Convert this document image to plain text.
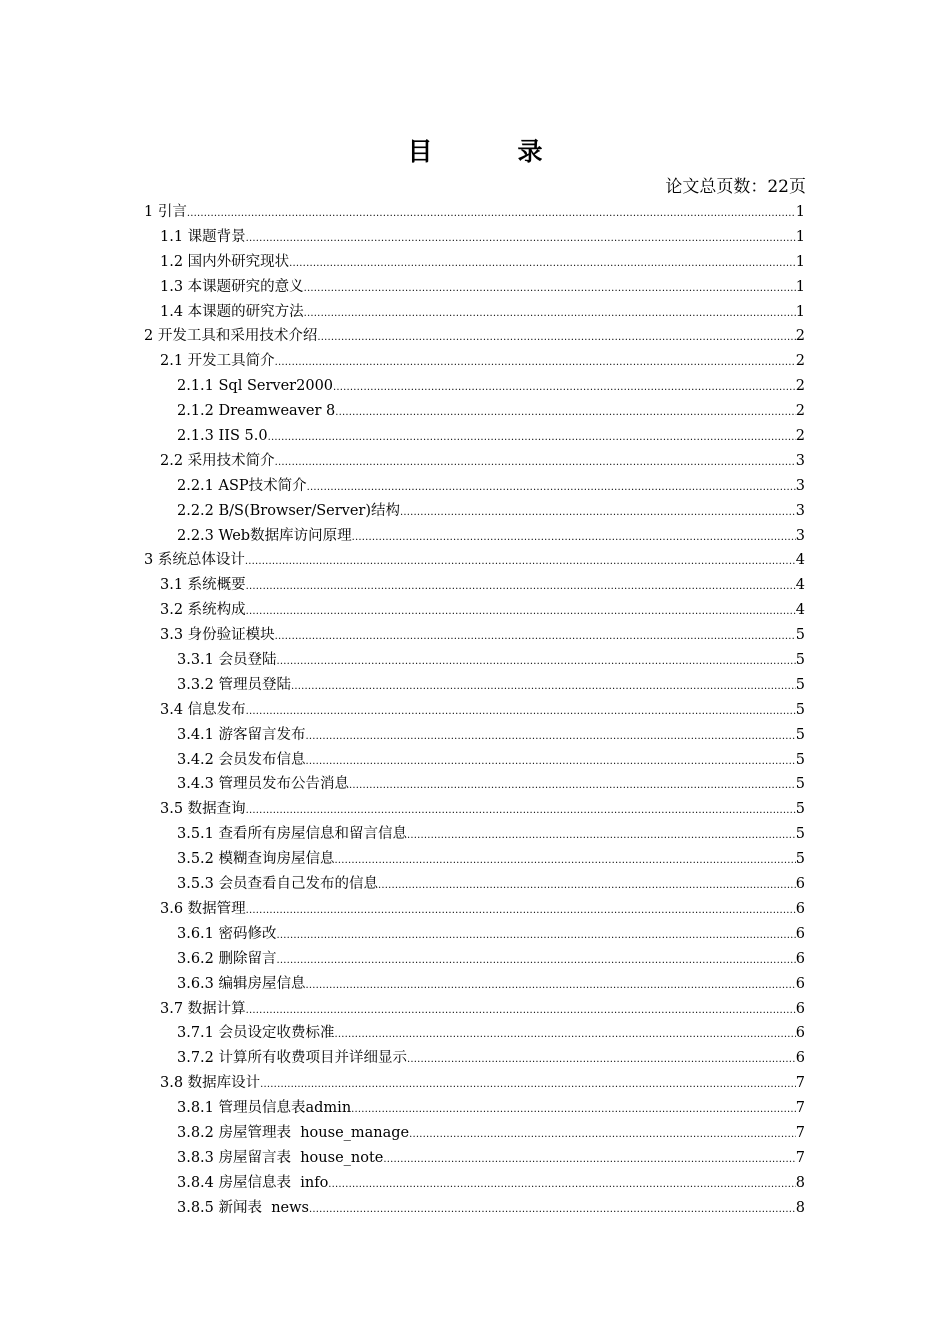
目　录
论文总页数：22页
1 引言 .....	1
1.1 课题背景 .....	1
1.2 国内外研究现状 .....	1
1.3 本课题研究的意义 .....	1
1.4 本课题的研究方法 .....	1
2 开发工具和采用技术介绍 .....	2
2.1 开发工具简介 .....	2
2.1.1 Sql Server2000 .....	2
2.1.2 Dreamweaver 8 .....	2
2.1.3 IIS 5.0 .....	2
2.2 采用技术简介 .....	3
2.2.1 ASP技术简介 .....	3
2.2.2 B/S(Browser/Server)结构 .....	3
2.2.3 Web数据库访问原理 .....	3
3 系统总体设计 .....	4
3.1 系统概要 .....	4
3.2 系统构成 .....	4
3.3 身份验证模块 .....	5
3.3.1 会员登陆 .....	5
3.3.2 管理员登陆 .....	5
3.4 信息发布 .....	5
3.4.1 游客留言发布 .....	5
3.4.2 会员发布信息 .....	5
3.4.3 管理员发布公告消息 .....	5
3.5 数据查询 .....	5
3.5.1 查看所有房屋信息和留言信息 .....	5
3.5.2 模糊查询房屋信息 .....	5
3.5.3 会员查看自己发布的信息 .....	6
3.6 数据管理 .....	6
3.6.1 密码修改 .....	6
3.6.2 删除留言 .....	6
3.6.3 编辑房屋信息 .....	6
3.7 数据计算 .....	6
3.7.1 会员设定收费标准 .....	6
3.7.2 计算所有收费项目并详细显示 .....	6
3.8 数据库设计 .....	7
3.8.1 管理员信息表admin .....	7
3.8.2 房屋管理表  house_manage .....	7
3.8.3 房屋留言表  house_note .....	7
3.8.4 房屋信息表  info .....	8
3.8.5 新闻表  news .....	8
